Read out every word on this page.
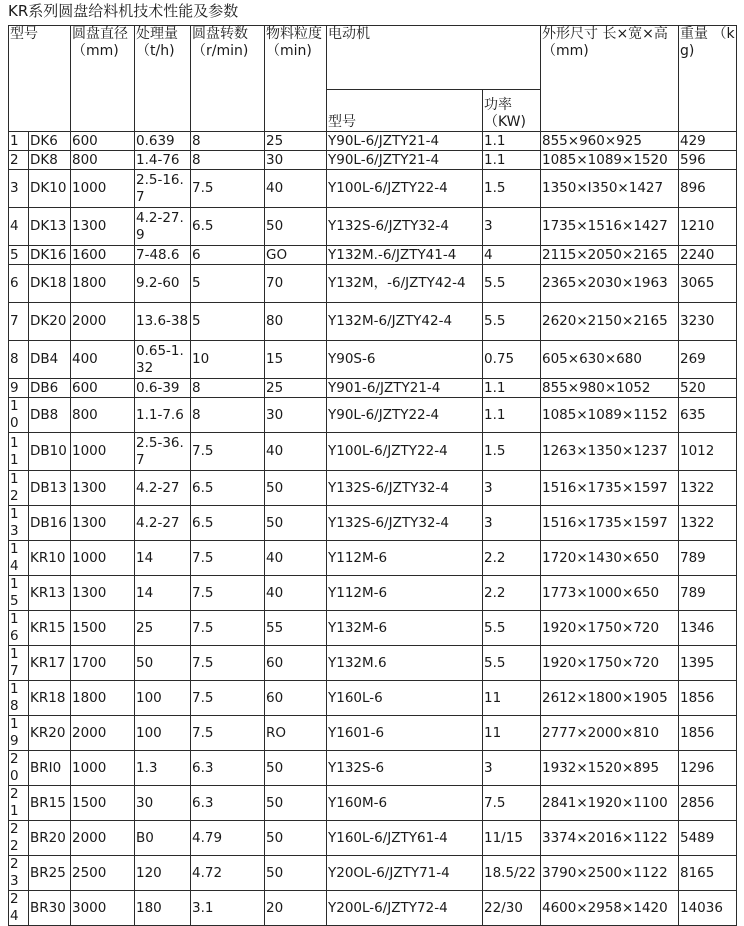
KR系列圆盘给料机技术性能及参数
型号		圆盘直径（mm)	处理量（t/h)	圆盘转数（r/min)	物料粒度（min)	电动机		外形尺寸 长×宽×高 （mm)	重量 （kg)
						型号	功率 （KW)		
1	DK6	600	0.639	8	25	Y90L-6/JZTY21-4	1.1	855×960×925	429
2	DK8	800	1.4-76	8	30	Y90L-6/JZTY21-4	1.1	1085×1089×1520	596
3	DK10	1000	2.5-16.7	7.5	40	Y100L-6/JZTY22-4	1.5	1350×I350×1427	896
4	DK13	1300	4.2-27.9	6.5	50	Y132S-6/JZTY32-4	3	1735×1516×1427	1210
5	DK16	1600	7-48.6	6	GO	Y132M.-6/JZTY41-4	4	2115×2050×2165	2240
6	DK18	1800	9.2-60	5	70	Y132M，-6/JZTY42-4	5.5	2365×2030×1963	3065
7	DK20	2000	13.6-38	5	80	Y132M-6/JZTY42-4	5.5	2620×2150×2165	3230
8	DB4	400	0.65-1.32	10	15	Y90S-6	0.75	605×630×680	269
9	DB6	600	0.6-39	8	25	Y901-6/JZTY21-4	1.1	855×980×1052	520
10	DB8	800	1.1-7.6	8	30	Y90L-6/JZTY22-4	1.1	1085×1089×1152	635
11	DB10	1000	2.5-36.7	7.5	40	Y100L-6/JZTY22-4	1.5	1263×1350×1237	1012
12	DB13	1300	4.2-27	6.5	50	Y132S-6/JZTY32-4	3	1516×1735×1597	1322
13	DB16	1300	4.2-27	6.5	50	Y132S-6/JZTY32-4	3	1516×1735×1597	1322
14	KR10	1000	14	7.5	40	Y112M-6	2.2	1720×1430×650	789
15	KR13	1300	14	7.5	40	Y112M-6	2.2	1773×1000×650	789
16	KR15	1500	25	7.5	55	Y132M-6	5.5	1920×1750×720	1346
17	KR17	1700	50	7.5	60	Y132M.6	5.5	1920×1750×720	1395
18	KR18	1800	100	7.5	60	Y160L-6	11	2612×1800×1905	1856
19	KR20	2000	100	7.5	RO	Y1601-6	11	2777×2000×810	1856
20	BRI0	1000	1.3	6.3	50	Y132S-6	3	1932×1520×895	1296
21	BR15	1500	30	6.3	50	Y160M-6	7.5	2841×1920×1100	2856
22	BR20	2000	B0	4.79	50	Y160L-6/JZTY61-4	11/15	3374×2016×1122	5489
23	BR25	2500	120	4.72	50	Y20OL-6/JZTY71-4	18.5/22	3790×2500×1122	8165
24	BR30	3000	180	3.1	20	Y200L-6/JZTY72-4	22/30	4600×2958×1420	14036
